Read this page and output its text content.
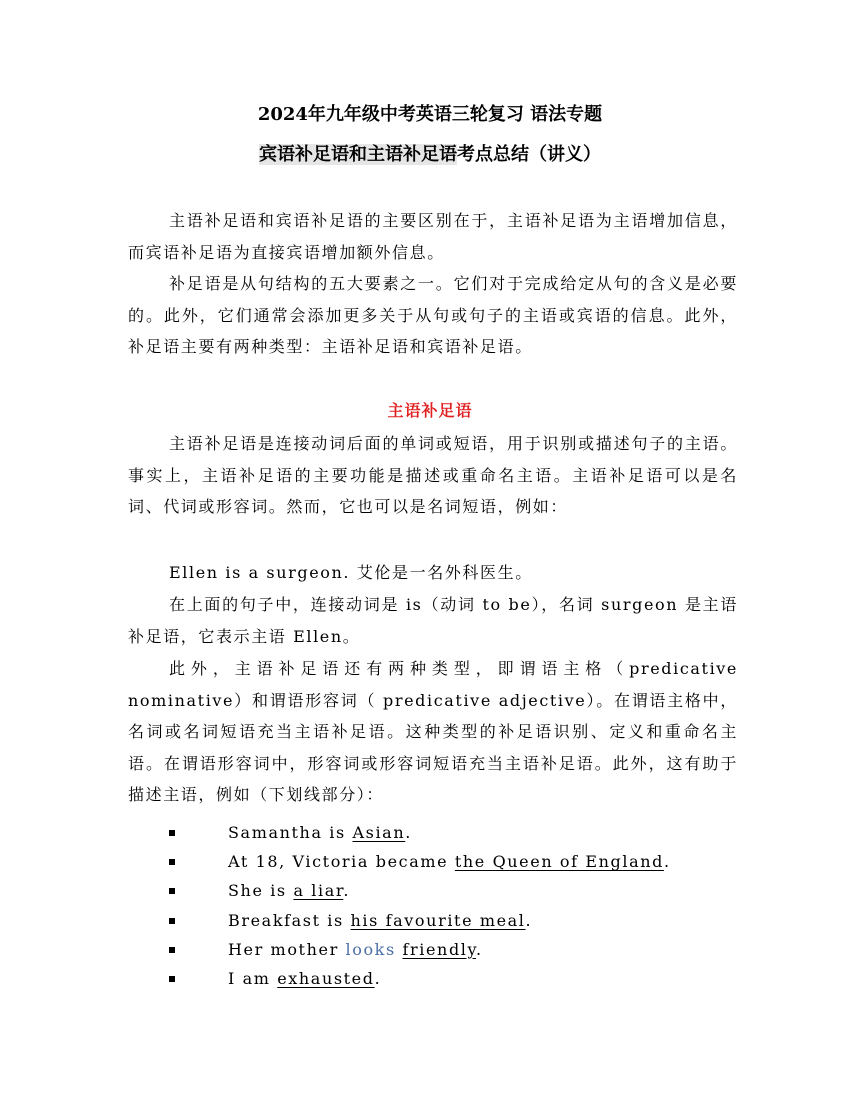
2024年九年级中考英语三轮复习 语法专题
宾语补足语和主语补足语考点总结（讲义）

主语补足语和宾语补足语的主要区别在于，主语补足语为主语增加信息，而宾语补足语为直接宾语增加额外信息。

补足语是从句结构的五大要素之一。它们对于完成给定从句的含义是必要的。此外，它们通常会添加更多关于从句或句子的主语或宾语的信息。此外，补足语主要有两种类型：主语补足语和宾语补足语。

主语补足语

主语补足语是连接动词后面的单词或短语，用于识别或描述句子的主语。事实上，主语补足语的主要功能是描述或重命名主语。主语补足语可以是名词、代词或形容词。然而，它也可以是名词短语，例如：

Ellen is a surgeon. 艾伦是一名外科医生。

在上面的句子中，连接动词是 is（动词 to be），名词 surgeon 是主语补足语，它表示主语 Ellen。

此外，主语补足语还有两种类型，即谓语主格（predicative nominative）和谓语形容词（ predicative adjective）。在谓语主格中，名词或名词短语充当主语补足语。这种类型的补足语识别、定义和重命名主语。在谓语形容词中，形容词或形容词短语充当主语补足语。此外，这有助于描述主语，例如（下划线部分）：

Samantha is Asian.
At 18, Victoria became the Queen of England.
She is a liar.
Breakfast is his favourite meal.
Her mother looks friendly.
I am exhausted.
